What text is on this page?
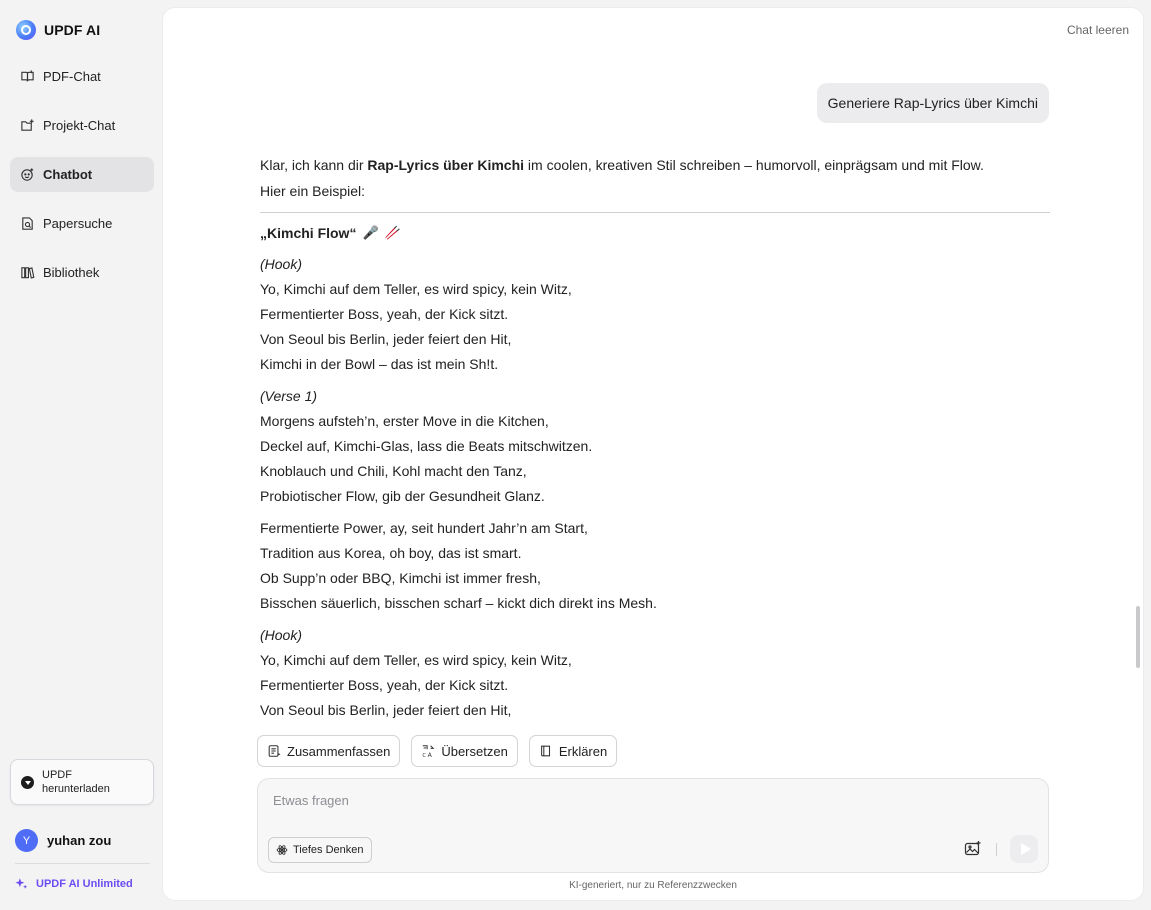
UPDF AI
PDF-Chat
Projekt-Chat
Chatbot
Papersuche
Bibliothek
UPDF
herunterladen
Y	yuhan zou
UPDF AI Unlimited
Chat leeren
Generiere Rap-Lyrics über Kimchi

Klar, ich kann dir Rap-Lyrics über Kimchi im coolen, kreativen Stil schreiben – humorvoll, einprägsam und mit Flow.
Hier ein Beispiel:

„Kimchi Flow“ 🎤 🥢
(Hook)
Yo, Kimchi auf dem Teller, es wird spicy, kein Witz,
Fermentierter Boss, yeah, der Kick sitzt.
Von Seoul bis Berlin, jeder feiert den Hit,
Kimchi in der Bowl – das ist mein Sh!t.
(Verse 1)
Morgens aufsteh’n, erster Move in die Kitchen,
Deckel auf, Kimchi-Glas, lass die Beats mitschwitzen.
Knoblauch und Chili, Kohl macht den Tanz,
Probiotischer Flow, gib der Gesundheit Glanz.
Fermentierte Power, ay, seit hundert Jahr’n am Start,
Tradition aus Korea, oh boy, das ist smart.
Ob Supp’n oder BBQ, Kimchi ist immer fresh,
Bisschen säuerlich, bisschen scharf – kickt dich direkt ins Mesh.
(Hook)
Yo, Kimchi auf dem Teller, es wird spicy, kein Witz,
Fermentierter Boss, yeah, der Kick sitzt.
Von Seoul bis Berlin, jeder feiert den Hit,
Zusammenfassen	A
C Übersetzen	Erklären
Etwas fragen
Tiefes Denken
KI-generiert, nur zu Referenzzwecken
